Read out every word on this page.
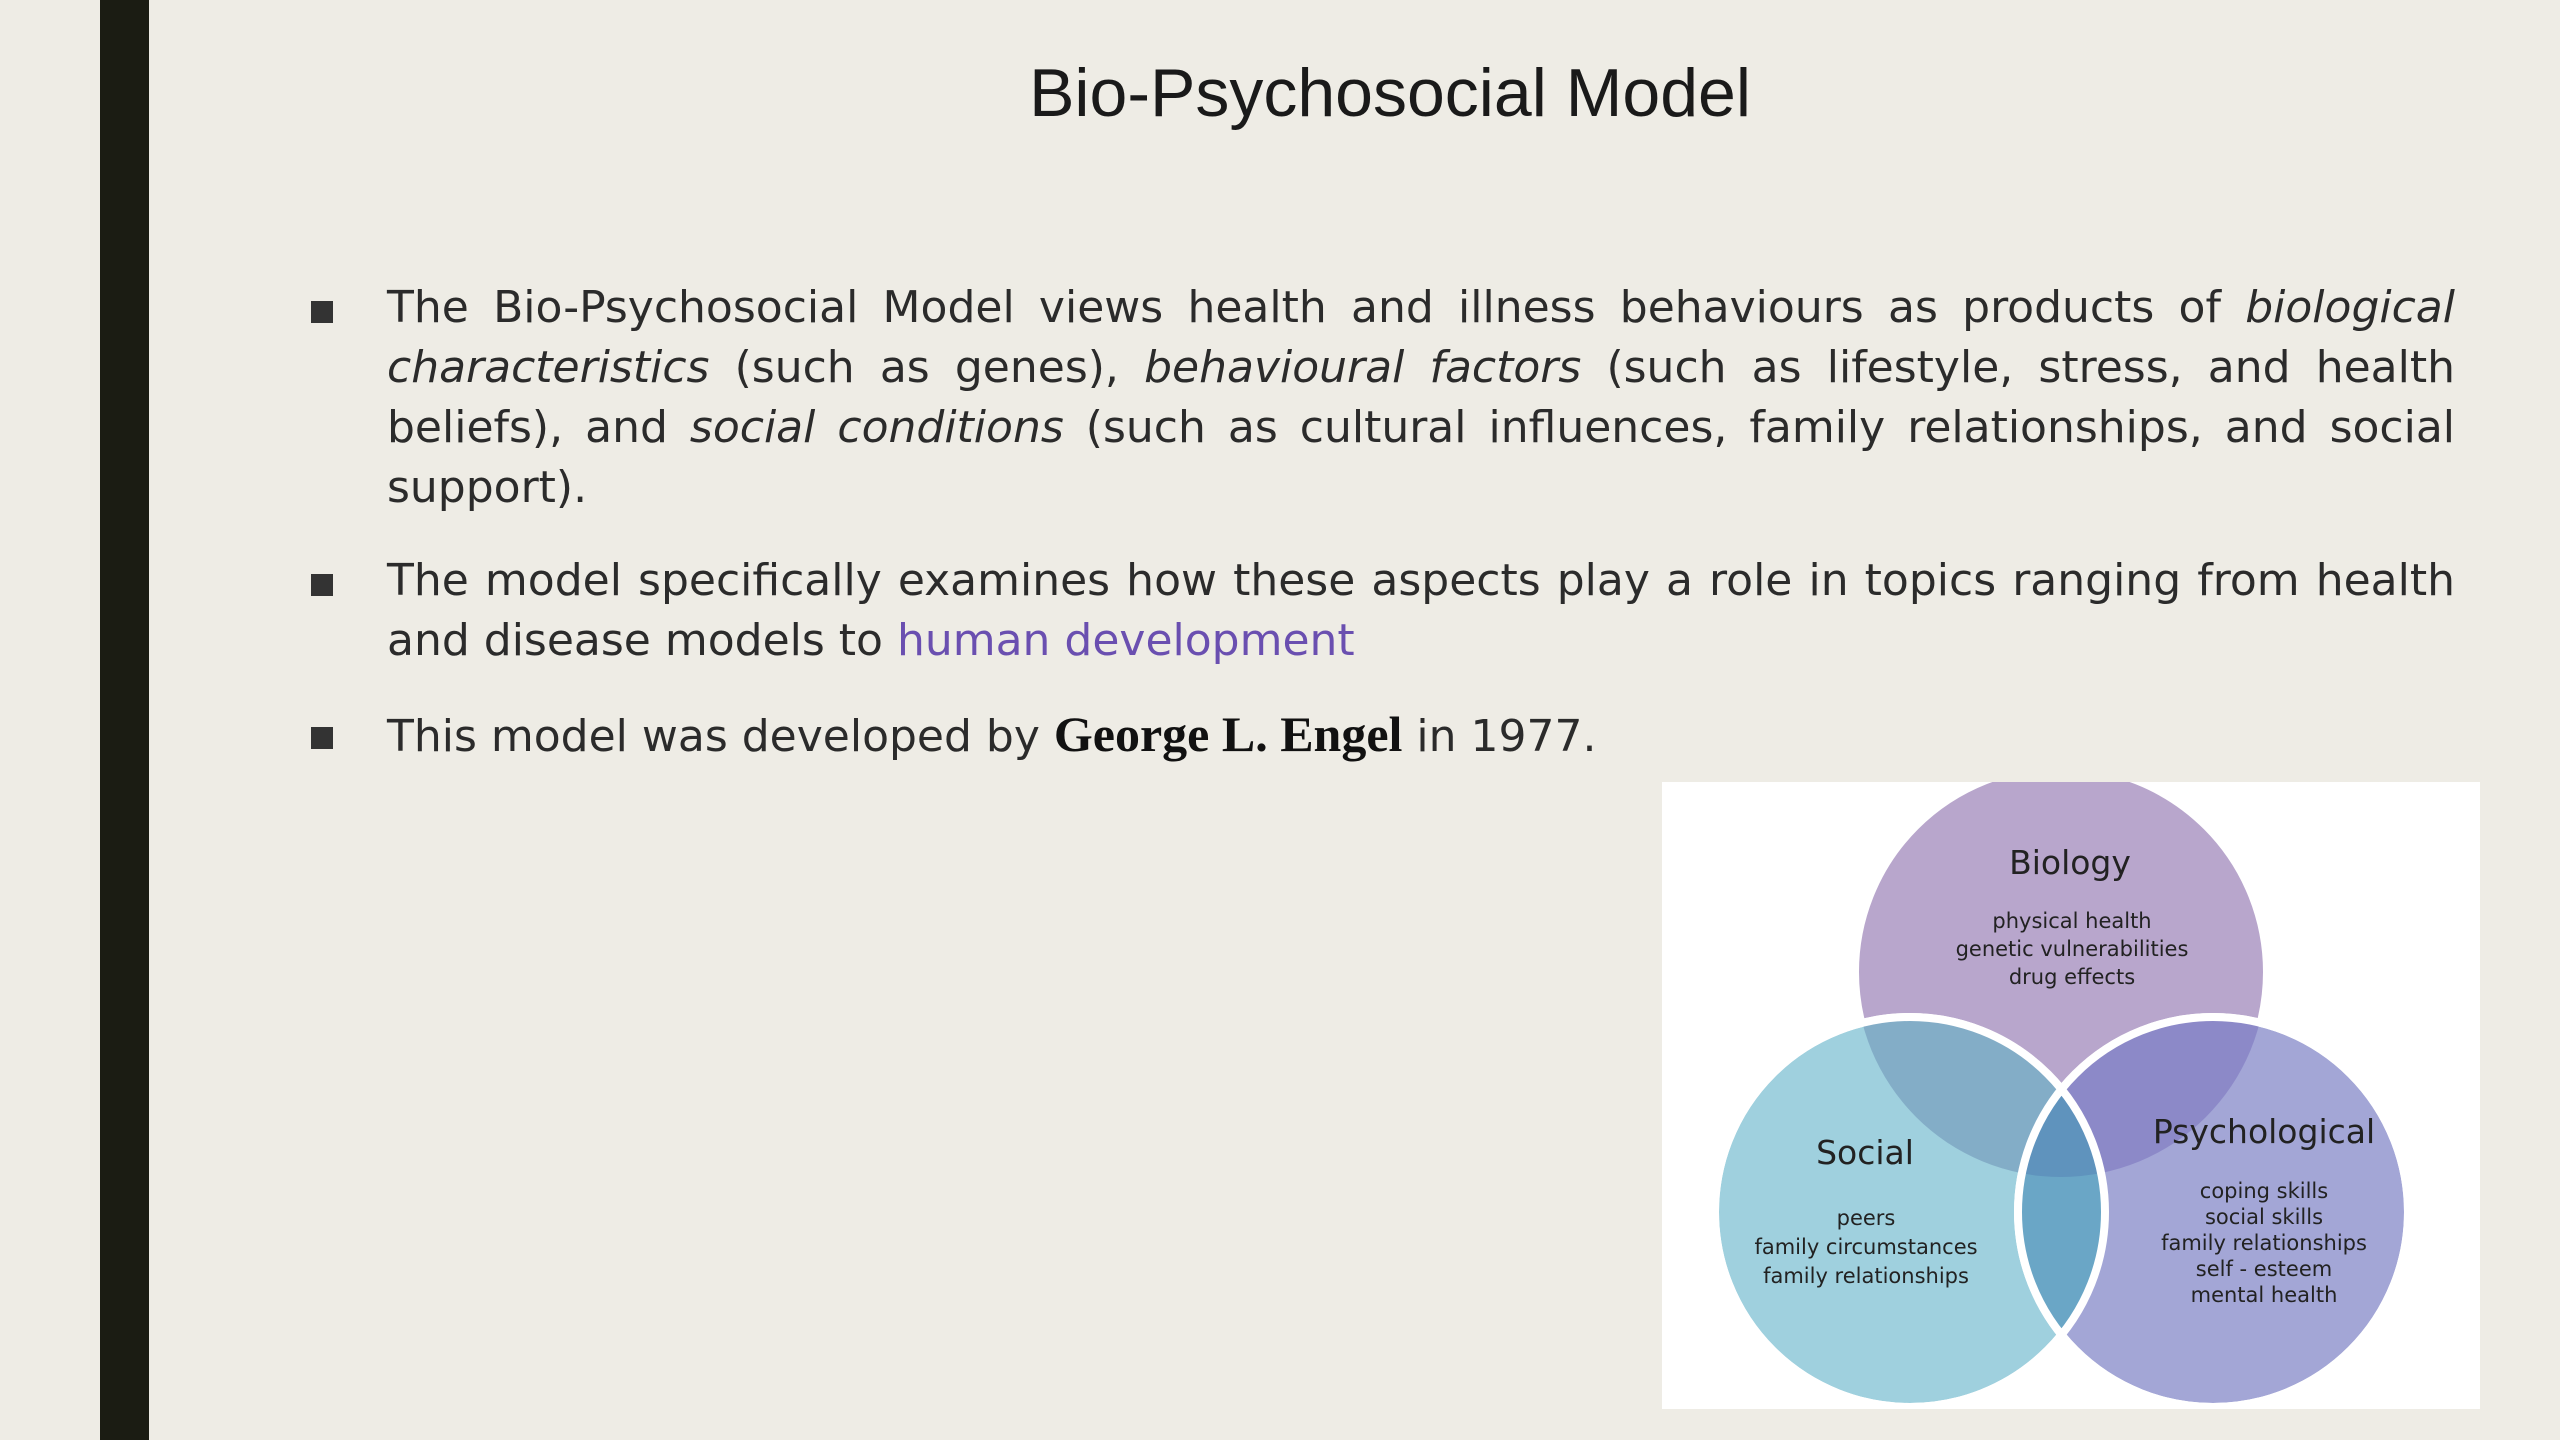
Bio-Psychosocial Model
The Bio-Psychosocial Model views health and illness behaviours as products of biological characteristics (such as genes), behavioural factors (such as lifestyle, stress, and health beliefs), and social conditions (such as cultural influences, family relationships, and social support).
The model specifically examines how these aspects play a role in topics ranging from health and disease models to human development
This model was developed by George L. Engel in 1977.
Biology
physical health
genetic vulnerabilities
drug effects
Social
peers
family circumstances
family relationships
Psychological
coping skills
social skills
family relationships
self - esteem
mental health
